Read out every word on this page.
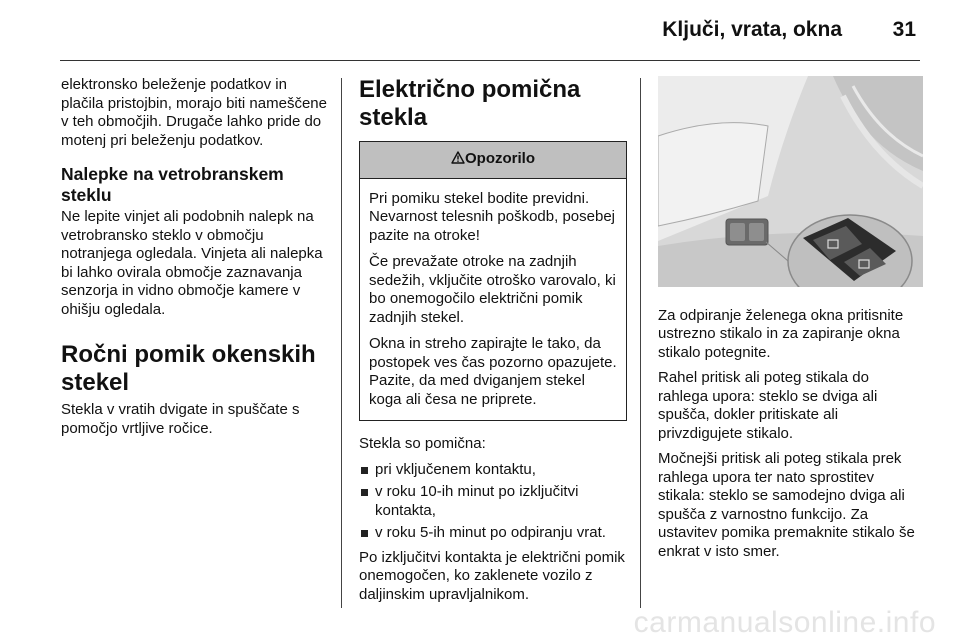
Ključi, vrata, okna 31

elektronsko beleženje podatkov in plačila pristojbin, morajo biti nameščene v teh območjih. Drugače lahko pride do motenj pri beleženju podatkov.

Nalepke na vetrobranskem steklu

Ne lepite vinjet ali podobnih nalepk na vetrobransko steklo v območju notranjega ogledala. Vinjeta ali nalepka bi lahko ovirala območje zaznavanja senzorja in vidno območje kamere v ohišju ogledala.

Ročni pomik okenskih stekel

Stekla v vratih dvigate in spuščate s pomočjo vrtljive ročice.

Električno pomična stekla
Opozorilo

Pri pomiku stekel bodite previdni. Nevarnost telesnih poškodb, posebej pazite na otroke!

Če prevažate otroke na zadnjih sedežih, vključite otroško varovalo, ki bo onemogočilo električni pomik zadnjih stekel.

Okna in streho zapirajte le tako, da postopek ves čas pozorno opazujete. Pazite, da med dviganjem stekel koga ali česa ne priprete.

Stekla so pomična:

pri vključenem kontaktu,
v roku 10-ih minut po izključitvi kontakta,
v roku 5-ih minut po odpiranju vrat.

Po izključitvi kontakta je električni pomik onemogočen, ko zaklenete vozilo z daljinskim upravljalnikom.

Za odpiranje želenega okna pritisnite ustrezno stikalo in za zapiranje okna stikalo potegnite.

Rahel pritisk ali poteg stikala do rahlega upora: steklo se dviga ali spušča, dokler pritiskate ali privzdigujete stikalo.

Močnejši pritisk ali poteg stikala prek rahlega upora ter nato sprostitev stikala: steklo se samodejno dviga ali spušča z varnostno funkcijo. Za ustavitev pomika premaknite stikalo še enkrat v isto smer.

carmanualsonline.info
